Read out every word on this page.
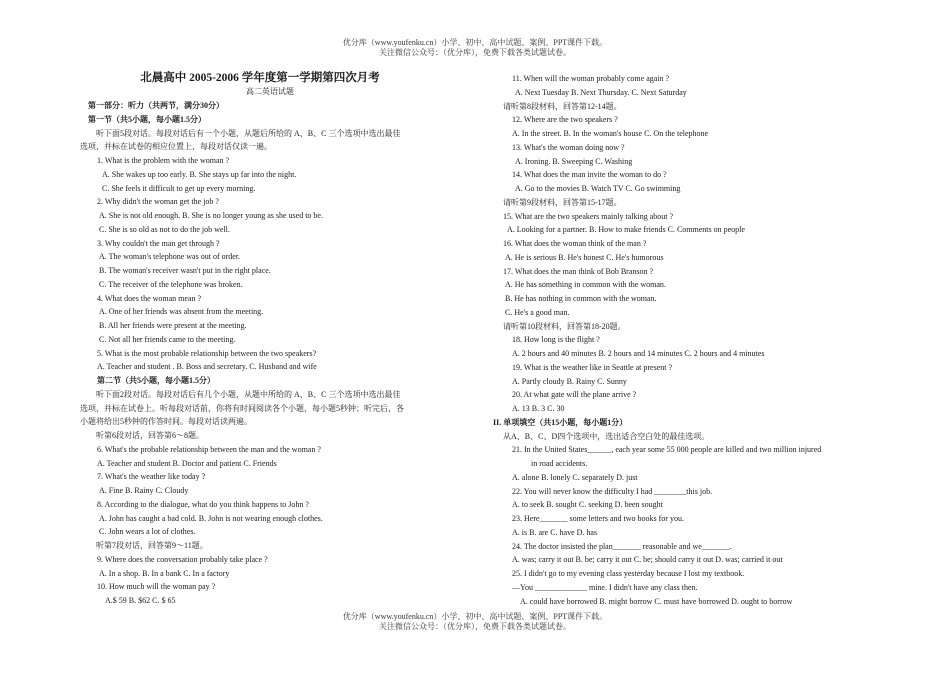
优分库（www.youfenku.cn）小学、初中、高中试题、案例、PPT课件下载。
关注微信公众号：（优分库），免费下载各类试题试卷。
北晨高中 2005-2006 学年度第一学期第四次月考
高二英语试题
第一部分：听力（共两节，满分30分）
第一节（共5小题，每小题1.5分）
听下面5段对话。每段对话后有一个小题，从题后所给的 A、B、C 三个选项中选出最佳
选项，并标在试卷的相应位置上，每段对话仅读一遍。
1. What is the problem with the woman ?
A. She wakes up too early. B. She stays up far into the night.
C. She feels it difficult to get up every morning.
2. Why didn't the woman get the job ?
A. She is not old enough. B. She is no longer young as she used to be.
C. She is so old as not to do the job well.
3. Why couldn't the man get through ?
A. The woman's telephone was out of order.
B. The woman's receiver wasn't put in the right place.
C. The receiver of the telephone was broken.
4. What does the woman mean ?
A. One of her friends was absent from the meeting.
B. All her friends were present at the meeting.
C. Not all her friends came to the meeting.
5. What is the most probable relationship between the two speakers?
A. Teacher and student . B. Boss and secretary. C. Husband and wife
第二节（共5小题，每小题1.5分）
听下面2段对话。每段对话后有几个小题，从题中所给的 A、B、C 三个选项中选出最佳
选项，并标在试卷上。听每段对话前，你将有时间阅读各个小题，每小题5秒钟；听完后，各
小题将给出5秒钟的作答时间。每段对话读两遍。
听第6段对话，回答第6～8题。
6. What's the probable relationship between the man and the woman ?
A. Teacher and student B. Doctor and patient C. Friends
7. What's the weather like today ?
A. Fine B. Rainy C. Cloudy
8. According to the dialogue, what do you think happens to John ?
A. John has caught a bad cold. B. John is not wearing enough clothes.
C. John wears a lot of clothes.
听第7段对话，回答第9～11题。
9. Where does the conversation probably take place ?
A. In a shop. B. In a bank C. In a factory
10. How much will the woman pay ?
A.$ 59 B. $62 C. $ 65
11. When will the woman probably come again ?
A. Next Tuesday B. Next Thursday. C. Next Saturday
请听第8段材料，回答第12-14题。
12. Where are the two speakers ?
A. In the street. B. In the woman's house C. On the telephone
13. What's the woman doing now ?
A. Ironing. B. Sweeping C. Washing
14. What does the man invite the woman to do ?
A. Go to the movies B. Watch TV C. Go swimming
请听第9段材料，回答第15-17题。
15. What are the two speakers mainly talking about ?
A. Looking for a partner. B. How to make friends C. Comments on people
16. What does the woman think of the man ?
A. He is serious B. He's honest C. He's humorous
17. What does the man think of Bob Branson ?
A. He has something in common with the woman.
B. He has nothing in common with the woman.
C. He's a good man.
请听第10段材料，回答第18-20题。
18. How long is the flight ?
A. 2 hours and 40 minutes B. 2 hours and 14 minutes C. 2 hours and 4 minutes
19. What is the weather like in Seattle at present ?
A. Partly cloudy B. Rainy C. Sunny
20. At what gate will the plane arrive ?
A. 13 B. 3 C. 30
II. 单项填空（共15小题，每小题1分）
从A、B、C、D四个选项中，选出适合空白处的最佳选项。
21. In the United States______, each year some 55 000 people are killed and two million injured
in road accidents.
A. alone B. lonely C. separately D. just
22. You will never know the difficulty I had ________this job.
A. to seek B. sought C. seeking D. been sought
23. Here_______ some letters and two books for you.
A. is B. are C. have D. has
24. The doctor insisted the plan_______ reasonable and we_______.
A. was; carry it out B. be; carry it out C. be; should carry it out D. was; carried it out
25. I didn't go to my evening class yesterday because I lost my textbook.
—You _____________ mine. I didn't have any class then.
A. could have borrowed B. might borrow C. must have borrowed D. ought to borrow
优分库（www.youfenku.cn）小学、初中、高中试题、案例、PPT课件下载。
关注微信公众号：（优分库），免费下载各类试题试卷。
